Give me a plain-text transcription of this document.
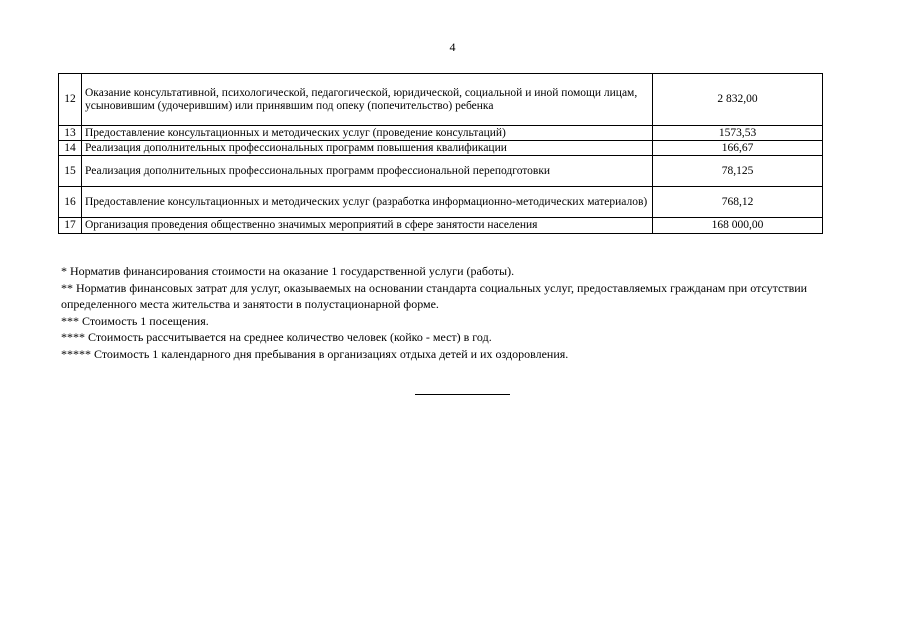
4
12	Оказание консультативной, психологической, педагогической, юридической, социальной и иной помощи лицам, усыновившим (удочерившим) или принявшим под опеку (попечительство) ребенка	2 832,00
13	Предоставление консультационных и методических услуг (проведение консультаций)	1573,53
14	Реализация дополнительных профессиональных программ повышения квалификации	166,67
15	Реализация дополнительных профессиональных программ профессиональной переподготовки	78,125
16	Предоставление консультационных и методических услуг (разработка информационно-методических материалов)	768,12
17	Организация проведения общественно значимых мероприятий в сфере занятости населения	168 000,00

* Норматив финансирования стоимости на оказание 1 государственной услуги (работы).

** Норматив финансовых затрат для услуг, оказываемых на основании стандарта социальных услуг, предоставляемых гражданам при отсутствии определенного места жительства и занятости в полустационарной форме.

*** Стоимость 1 посещения.

**** Стоимость рассчитывается на среднее количество человек (койко - мест) в год.

***** Стоимость 1 календарного дня пребывания в организациях отдыха детей и их оздоровления.
